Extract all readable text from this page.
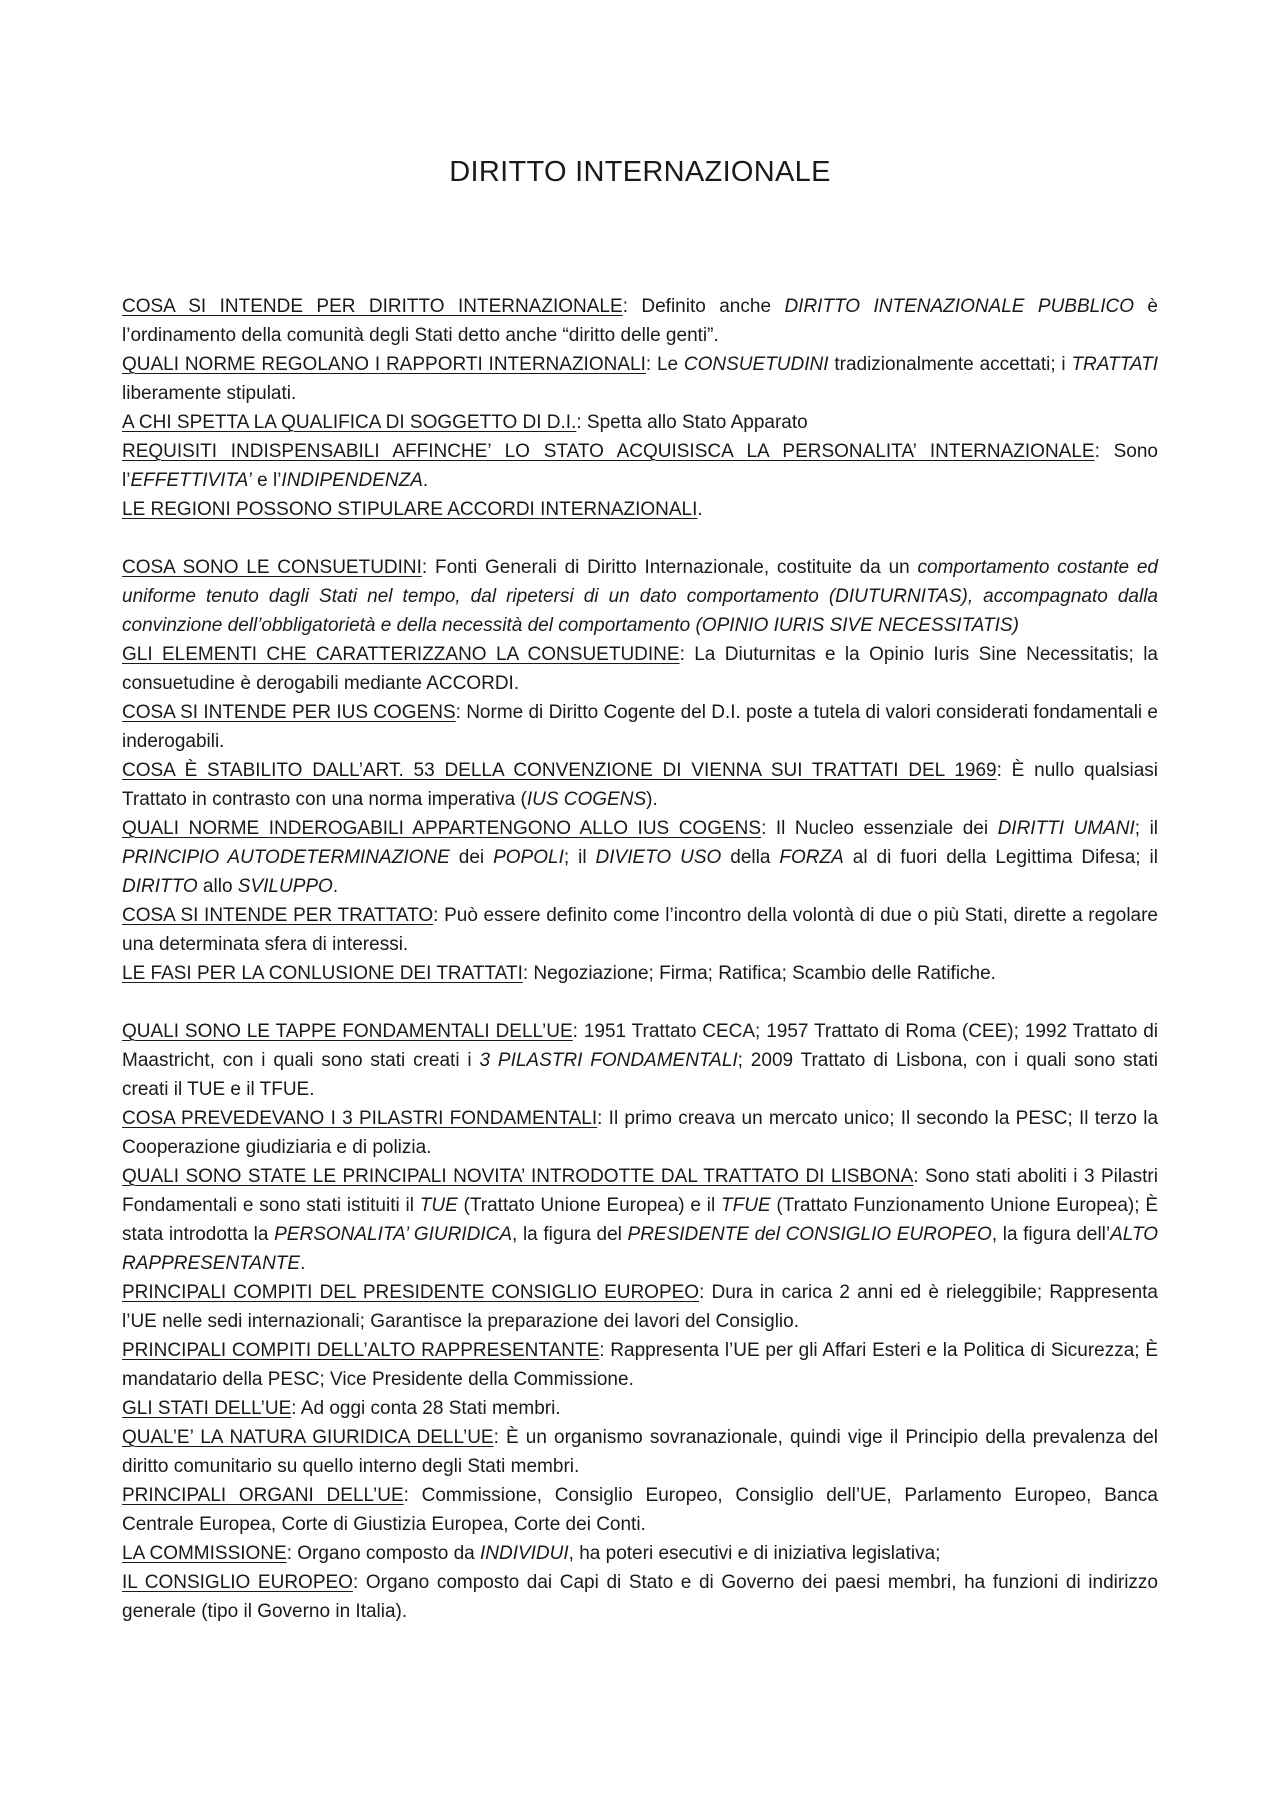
DIRITTO INTERNAZIONALE

COSA SI INTENDE PER DIRITTO INTERNAZIONALE: Definito anche DIRITTO INTENAZIONALE PUBBLICO è l’ordinamento della comunità degli Stati detto anche “diritto delle genti”.

QUALI NORME REGOLANO I RAPPORTI INTERNAZIONALI: Le CONSUETUDINI tradizionalmente accettati; i TRATTATI liberamente stipulati.

A CHI SPETTA LA QUALIFICA DI SOGGETTO DI D.I.: Spetta allo Stato Apparato

REQUISITI INDISPENSABILI AFFINCHE’ LO STATO ACQUISISCA LA PERSONALITA’ INTERNAZIONALE: Sono l’EFFETTIVITA’ e l’INDIPENDENZA.

LE REGIONI POSSONO STIPULARE ACCORDI INTERNAZIONALI.

COSA SONO LE CONSUETUDINI: Fonti Generali di Diritto Internazionale, costituite da un comportamento costante ed uniforme tenuto dagli Stati nel tempo, dal ripetersi di un dato comportamento (DIUTURNITAS), accompagnato dalla convinzione dell’obbligatorietà e della necessità del comportamento (OPINIO IURIS SIVE NECESSITATIS)

GLI ELEMENTI CHE CARATTERIZZANO LA CONSUETUDINE: La Diuturnitas e la Opinio Iuris Sine Necessitatis; la consuetudine è derogabili mediante ACCORDI.

COSA SI INTENDE PER IUS COGENS: Norme di Diritto Cogente del D.I. poste a tutela di valori considerati fondamentali e inderogabili.

COSA È STABILITO DALL’ART. 53 DELLA CONVENZIONE DI VIENNA SUI TRATTATI DEL 1969: È nullo qualsiasi Trattato in contrasto con una norma imperativa (IUS COGENS).

QUALI NORME INDEROGABILI APPARTENGONO ALLO IUS COGENS: Il Nucleo essenziale dei DIRITTI UMANI; il PRINCIPIO AUTODETERMINAZIONE dei POPOLI; il DIVIETO USO della FORZA al di fuori della Legittima Difesa; il DIRITTO allo SVILUPPO.

COSA SI INTENDE PER TRATTATO: Può essere definito come l’incontro della volontà di due o più Stati, dirette a regolare una determinata sfera di interessi.

LE FASI PER LA CONLUSIONE DEI TRATTATI: Negoziazione; Firma; Ratifica; Scambio delle Ratifiche.

QUALI SONO LE TAPPE FONDAMENTALI DELL’UE: 1951 Trattato CECA; 1957 Trattato di Roma (CEE); 1992 Trattato di Maastricht, con i quali sono stati creati i 3 PILASTRI FONDAMENTALI; 2009 Trattato di Lisbona, con i quali sono stati creati il TUE e il TFUE.

COSA PREVEDEVANO I 3 PILASTRI FONDAMENTALI: Il primo creava un mercato unico; Il secondo la PESC; Il terzo la Cooperazione giudiziaria e di polizia.

QUALI SONO STATE LE PRINCIPALI NOVITA’ INTRODOTTE DAL TRATTATO DI LISBONA: Sono stati aboliti i 3 Pilastri Fondamentali e sono stati istituiti il TUE (Trattato Unione Europea) e il TFUE (Trattato Funzionamento Unione Europea); È stata introdotta la PERSONALITA’ GIURIDICA, la figura del PRESIDENTE del CONSIGLIO EUROPEO, la figura dell’ALTO RAPPRESENTANTE.

PRINCIPALI COMPITI DEL PRESIDENTE CONSIGLIO EUROPEO: Dura in carica 2 anni ed è rieleggibile; Rappresenta l’UE nelle sedi internazionali; Garantisce la preparazione dei lavori del Consiglio.

PRINCIPALI COMPITI DELL’ALTO RAPPRESENTANTE: Rappresenta l’UE per gli Affari Esteri e la Politica di Sicurezza; È mandatario della PESC; Vice Presidente della Commissione.

GLI STATI DELL’UE: Ad oggi conta 28 Stati membri.

QUAL’E’ LA NATURA GIURIDICA DELL’UE: È un organismo sovranazionale, quindi vige il Principio della prevalenza del diritto comunitario su quello interno degli Stati membri.

PRINCIPALI ORGANI DELL’UE: Commissione, Consiglio Europeo, Consiglio dell’UE, Parlamento Europeo, Banca Centrale Europea, Corte di Giustizia Europea, Corte dei Conti.

LA COMMISSIONE: Organo composto da INDIVIDUI, ha poteri esecutivi e di iniziativa legislativa;

IL CONSIGLIO EUROPEO: Organo composto dai Capi di Stato e di Governo dei paesi membri, ha funzioni di indirizzo generale (tipo il Governo in Italia).
